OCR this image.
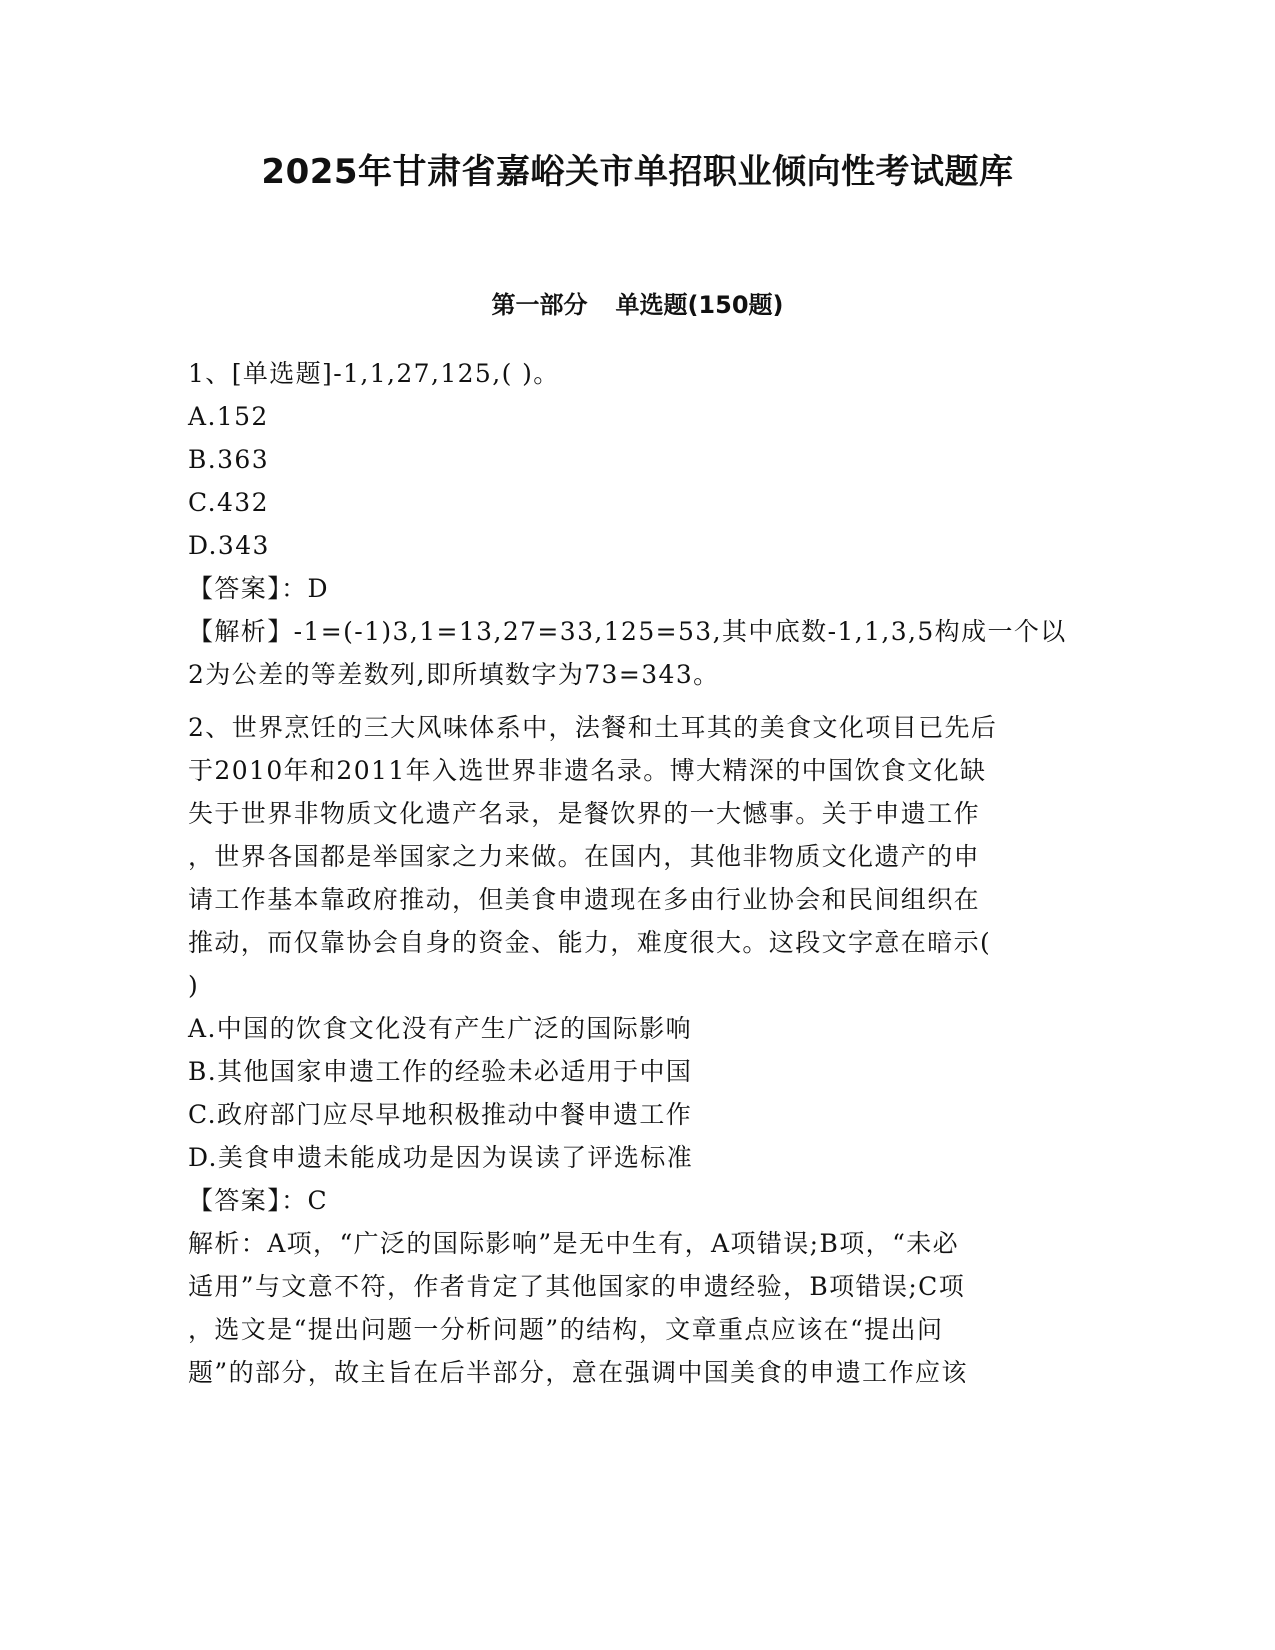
2025年甘肃省嘉峪关市单招职业倾向性考试题库
第一部分 单选题(150题)
1、[单选题]-1,1,27,125,( )。
A.152
B.363
C.432
D.343
【答案】：D
【解析】-1=(-1)3,1=13,27=33,125=53,其中底数-1,1,3,5构成一个以
2为公差的等差数列,即所填数字为73=343。
2、世界烹饪的三大风味体系中，法餐和土耳其的美食文化项目已先后
于2010年和2011年入选世界非遗名录。博大精深的中国饮食文化缺
失于世界非物质文化遗产名录，是餐饮界的一大憾事。关于申遗工作
，世界各国都是举国家之力来做。在国内，其他非物质文化遗产的申
请工作基本靠政府推动，但美食申遗现在多由行业协会和民间组织在
推动，而仅靠协会自身的资金、能力，难度很大。这段文字意在暗示(
)
A.中国的饮食文化没有产生广泛的国际影响
B.其他国家申遗工作的经验未必适用于中国
C.政府部门应尽早地积极推动中餐申遗工作
D.美食申遗未能成功是因为误读了评选标准
【答案】：C
解析：A项，“广泛的国际影响”是无中生有，A项错误;B项，“未必
适用”与文意不符，作者肯定了其他国家的申遗经验，B项错误;C项
，选文是“提出问题一分析问题”的结构，文章重点应该在“提出问
题”的部分，故主旨在后半部分，意在强调中国美食的申遗工作应该
